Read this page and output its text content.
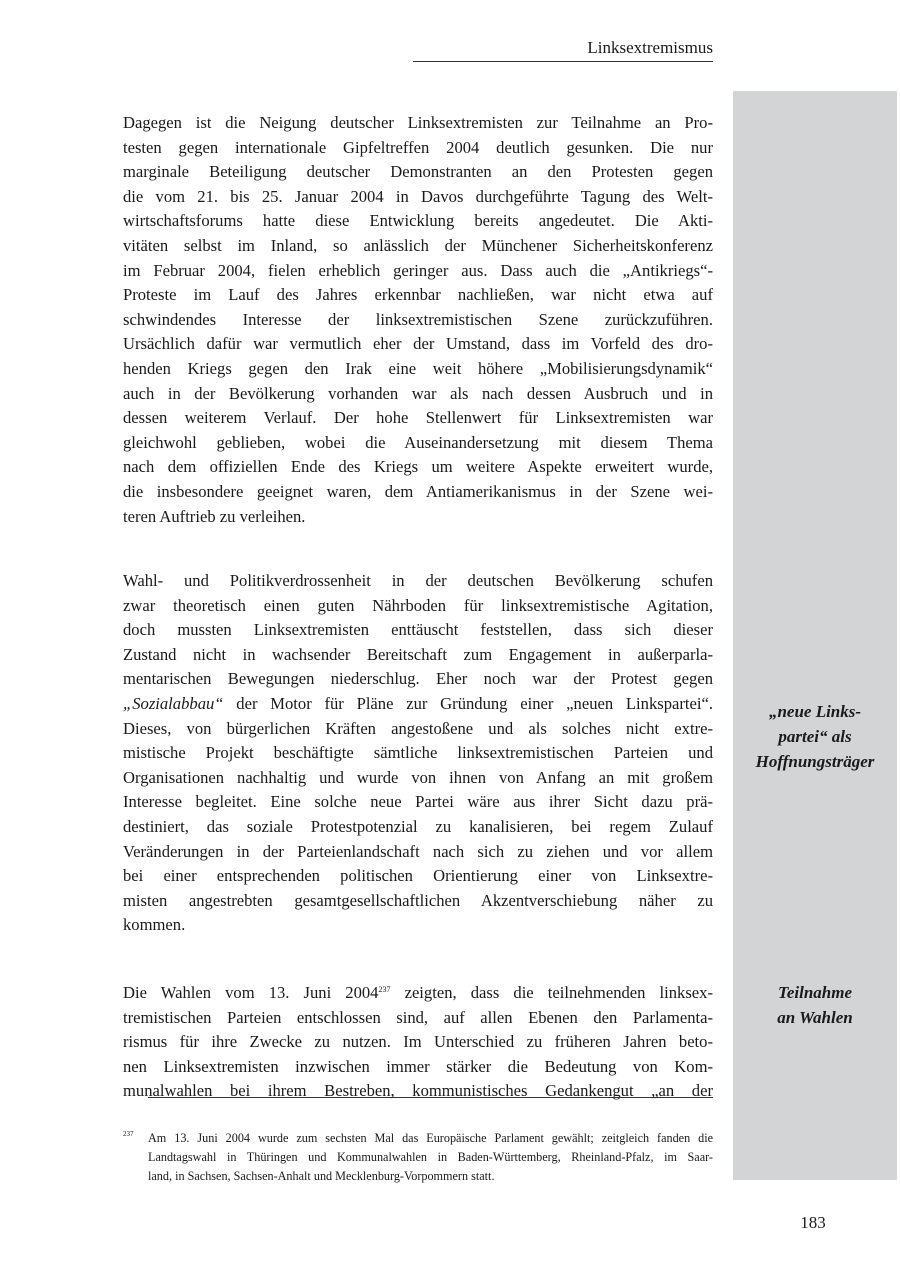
Linksextremismus
„neue Links-
partei“ als
Hoffnungsträger
Teilnahme
an Wahlen
Dagegen ist die Neigung deutscher Linksextremisten zur Teilnahme an Pro-
testen gegen internationale Gipfeltreffen 2004 deutlich gesunken. Die nur
marginale Beteiligung deutscher Demonstranten an den Protesten gegen
die vom 21. bis 25. Januar 2004 in Davos durchgeführte Tagung des Welt-
wirtschaftsforums hatte diese Entwicklung bereits angedeutet. Die Akti-
vitäten selbst im Inland, so anlässlich der Münchener Sicherheitskonferenz
im Februar 2004, fielen erheblich geringer aus. Dass auch die „Antikriegs“-
Proteste im Lauf des Jahres erkennbar nachließen, war nicht etwa auf
schwindendes Interesse der linksextremistischen Szene zurückzuführen.
Ursächlich dafür war vermutlich eher der Umstand, dass im Vorfeld des dro-
henden Kriegs gegen den Irak eine weit höhere „Mobilisierungsdynamik“
auch in der Bevölkerung vorhanden war als nach dessen Ausbruch und in
dessen weiterem Verlauf. Der hohe Stellenwert für Linksextremisten war
gleichwohl geblieben, wobei die Auseinandersetzung mit diesem Thema
nach dem offiziellen Ende des Kriegs um weitere Aspekte erweitert wurde,
die insbesondere geeignet waren, dem Antiamerikanismus in der Szene wei-
teren Auftrieb zu verleihen.
Wahl- und Politikverdrossenheit in der deutschen Bevölkerung schufen
zwar theoretisch einen guten Nährboden für linksextremistische Agitation,
doch mussten Linksextremisten enttäuscht feststellen, dass sich dieser
Zustand nicht in wachsender Bereitschaft zum Engagement in außerparla-
mentarischen Bewegungen niederschlug. Eher noch war der Protest gegen
„Sozialabbau“ der Motor für Pläne zur Gründung einer „neuen Linkspartei“.
Dieses, von bürgerlichen Kräften angestoßene und als solches nicht extre-
mistische Projekt beschäftigte sämtliche linksextremistischen Parteien und
Organisationen nachhaltig und wurde von ihnen von Anfang an mit großem
Interesse begleitet. Eine solche neue Partei wäre aus ihrer Sicht dazu prä-
destiniert, das soziale Protestpotenzial zu kanalisieren, bei regem Zulauf
Veränderungen in der Parteienlandschaft nach sich zu ziehen und vor allem
bei einer entsprechenden politischen Orientierung einer von Linksextre-
misten angestrebten gesamtgesellschaftlichen Akzentverschiebung näher zu
kommen.
Die Wahlen vom 13. Juni 2004$^{237}$ zeigten, dass die teilnehmenden linksex-
tremistischen Parteien entschlossen sind, auf allen Ebenen den Parlamenta-
rismus für ihre Zwecke zu nutzen. Im Unterschied zu früheren Jahren beto-
nen Linksextremisten inzwischen immer stärker die Bedeutung von Kom-
munalwahlen bei ihrem Bestreben, kommunistisches Gedankengut „an der
237 Am 13. Juni 2004 wurde zum sechsten Mal das Europäische Parlament gewählt; zeitgleich fanden die
Landtagswahl in Thüringen und Kommunalwahlen in Baden-Württemberg, Rheinland-Pfalz, im Saar-
land, in Sachsen, Sachsen-Anhalt und Mecklenburg-Vorpommern statt.
183
